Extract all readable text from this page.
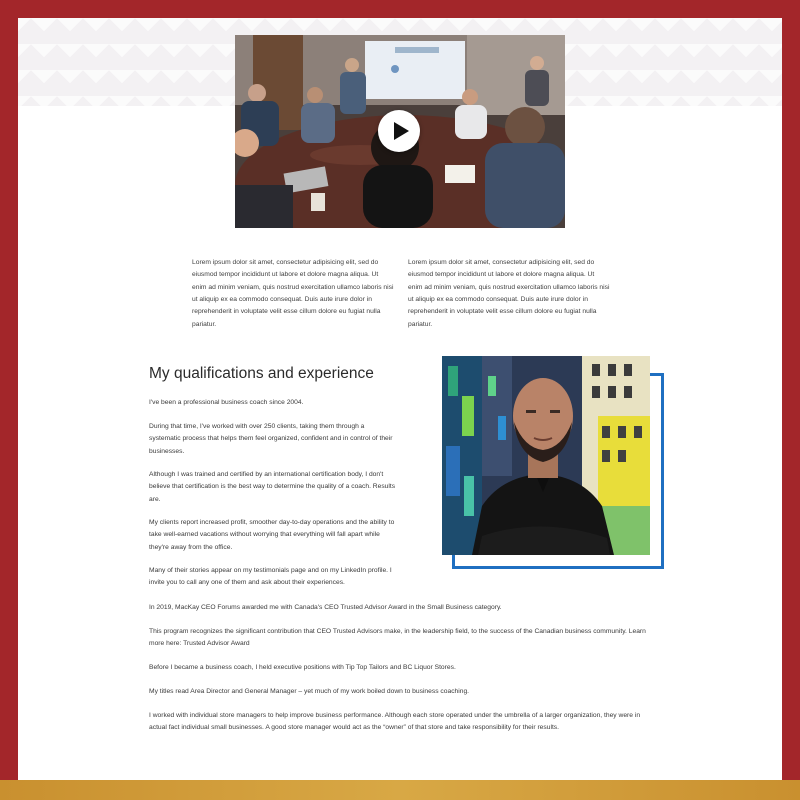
Lorem ipsum dolor sit amet, consectetur adipisicing elit, sed do eiusmod tempor incididunt ut labore et dolore magna aliqua. Ut enim ad minim veniam, quis nostrud exercitation ullamco laboris nisi ut aliquip ex ea commodo consequat. Duis aute irure dolor in reprehenderit in voluptate velit esse cillum dolore eu fugiat nulla pariatur.

Lorem ipsum dolor sit amet, consectetur adipisicing elit, sed do eiusmod tempor incididunt ut labore et dolore magna aliqua. Ut enim ad minim veniam, quis nostrud exercitation ullamco laboris nisi ut aliquip ex ea commodo consequat. Duis aute irure dolor in reprehenderit in voluptate velit esse cillum dolore eu fugiat nulla pariatur.

My qualifications and experience

I've been a professional business coach since 2004.

During that time, I've worked with over 250 clients, taking them through a systematic process that helps them feel organized, confident and in control of their businesses.

Although I was trained and certified by an international certification body, I don't believe that certification is the best way to determine the quality of a coach. Results are.

My clients report increased profit, smoother day-to-day operations and the ability to take well-earned vacations without worrying that everything will fall apart while they're away from the office.

Many of their stories appear on my testimonials page and on my LinkedIn profile. I invite you to call any one of them and ask about their experiences.

In 2019, MacKay CEO Forums awarded me with Canada's CEO Trusted Advisor Award in the Small Business category.

This program recognizes the significant contribution that CEO Trusted Advisors make, in the leadership field, to the success of the Canadian business community. Learn more here: Trusted Advisor Award

Before I became a business coach, I held executive positions with Tip Top Tailors and BC Liquor Stores.

My titles read Area Director and General Manager – yet much of my work boiled down to business coaching.

I worked with individual store managers to help improve business performance. Although each store operated under the umbrella of a larger organization, they were in actual fact individual small businesses. A good store manager would act as the “owner” of that store and take responsibility for their results.
